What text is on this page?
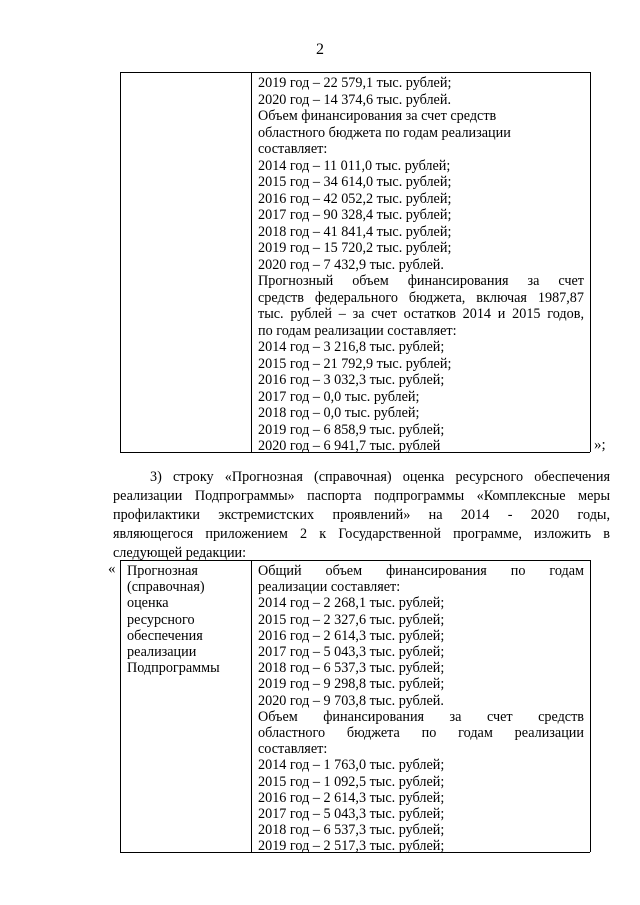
2
2019 год – 22 579,1 тыс. рублей;
2020 год – 14 374,6 тыс. рублей.
Объем финансирования за счет средств
областного бюджета по годам реализации
составляет:
2014 год – 11 011,0 тыс. рублей;
2015 год – 34 614,0 тыс. рублей;
2016 год – 42 052,2 тыс. рублей;
2017 год – 90 328,4 тыс. рублей;
2018 год – 41 841,4 тыс. рублей;
2019 год – 15 720,2 тыс. рублей;
2020 год – 7 432,9 тыс. рублей.
Прогнозный объем финансирования за счет
средств федерального бюджета, включая 1987,87
тыс. рублей – за счет остатков 2014 и 2015 годов,
по годам реализации составляет:
2014 год – 3 216,8 тыс. рублей;
2015 год – 21 792,9 тыс. рублей;
2016 год – 3 032,3 тыс. рублей;
2017 год – 0,0 тыс. рублей;
2018 год – 0,0 тыс. рублей;
2019 год – 6 858,9 тыс. рублей;
2020 год – 6 941,7 тыс. рублей	»;
3) строку «Прогнозная (справочная) оценка ресурсного обеспечения
реализации Подпрограммы» паспорта подпрограммы «Комплексные меры
профилактики экстремистских проявлений» на 2014 - 2020 годы,
являющегося приложением 2 к Государственной программе, изложить в
следующей редакции:
« Прогнозная
(справочная)
оценка
ресурсного
обеспечения
реализации
Подпрограммы
Общий объем финансирования по годам
реализации составляет:
2014 год – 2 268,1 тыс. рублей;
2015 год – 2 327,6 тыс. рублей;
2016 год – 2 614,3 тыс. рублей;
2017 год – 5 043,3 тыс. рублей;
2018 год – 6 537,3 тыс. рублей;
2019 год – 9 298,8 тыс. рублей;
2020 год – 9 703,8 тыс. рублей.
Объем финансирования за счет средств
областного бюджета по годам реализации
составляет:
2014 год – 1 763,0 тыс. рублей;
2015 год – 1 092,5 тыс. рублей;
2016 год – 2 614,3 тыс. рублей;
2017 год – 5 043,3 тыс. рублей;
2018 год – 6 537,3 тыс. рублей;
2019 год – 2 517,3 тыс. рублей;
